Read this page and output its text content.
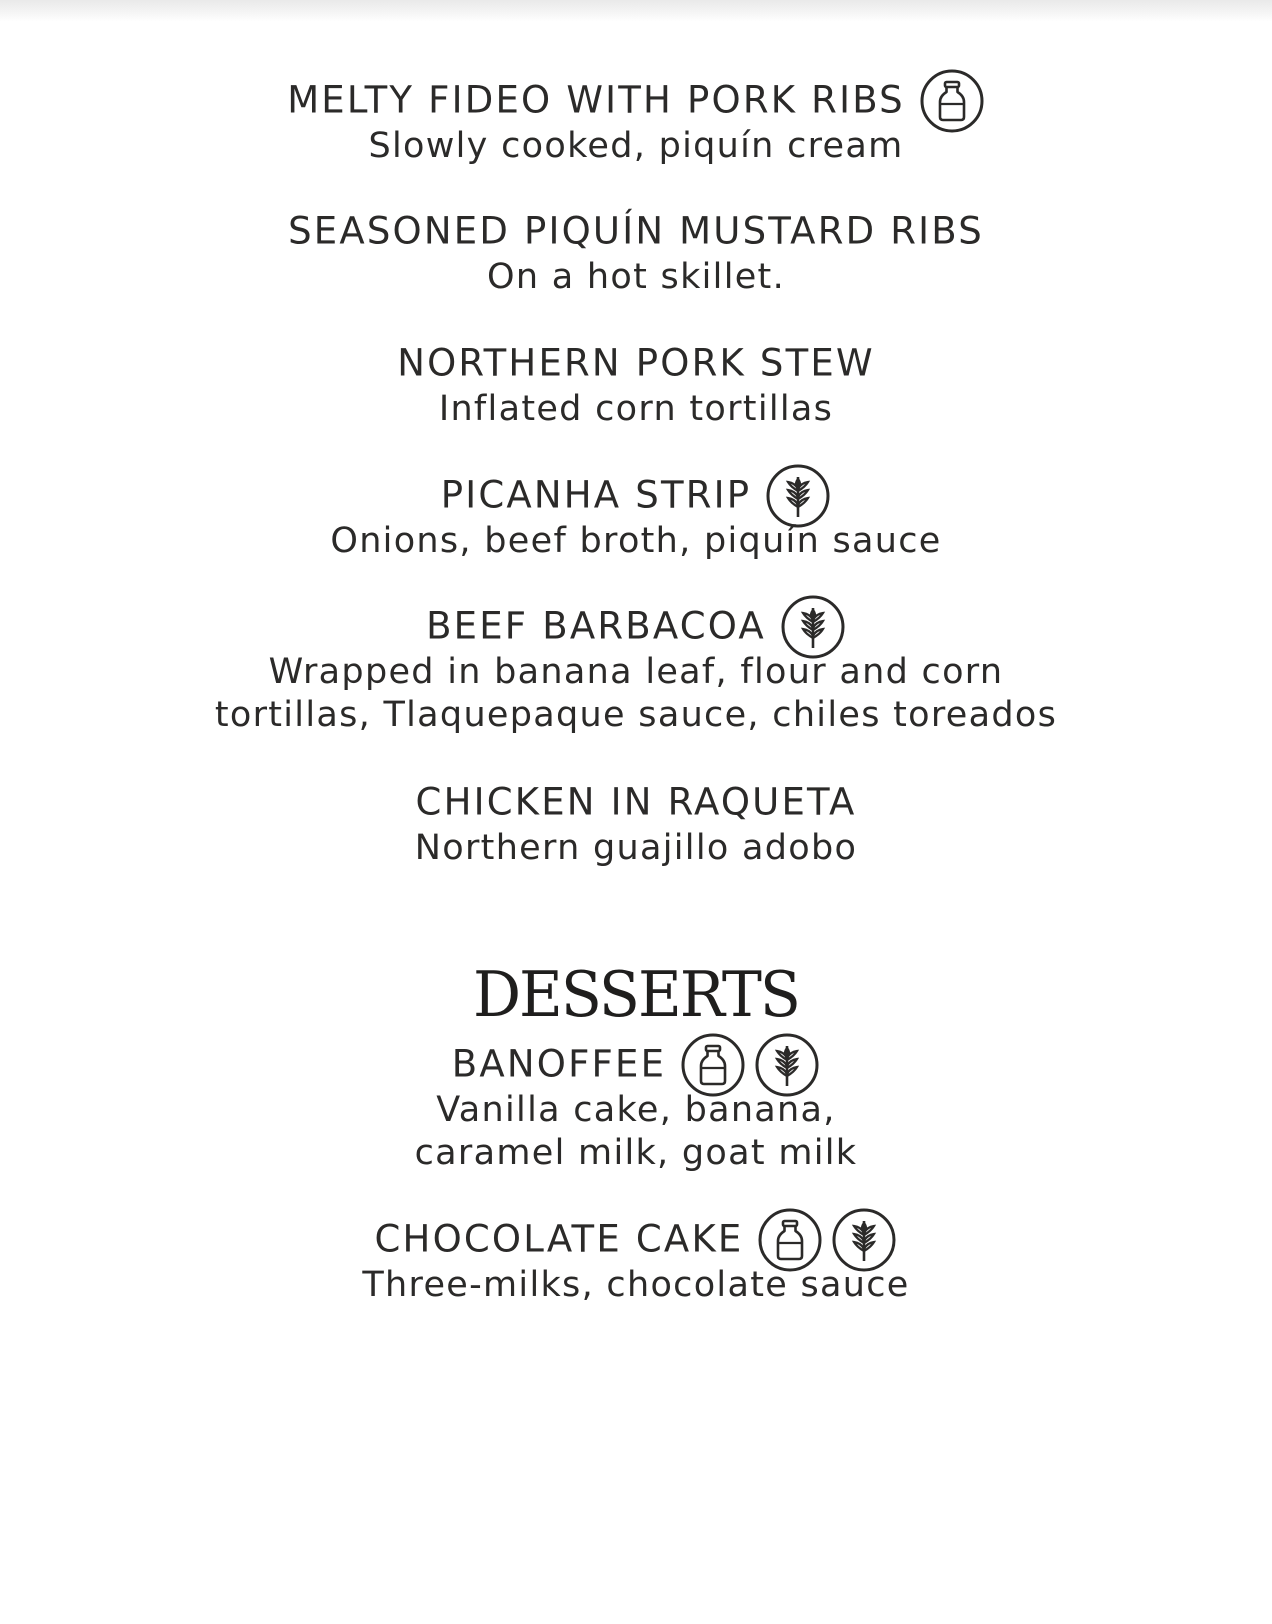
MELTY FIDEO WITH PORK RIBS
Slowly cooked, piquín cream
SEASONED PIQUÍN MUSTARD RIBS
On a hot skillet.
NORTHERN PORK STEW
Inflated corn tortillas
PICANHA STRIP
Onions, beef broth, piquín sauce
BEEF BARBACOA
Wrapped in banana leaf, flour and corn
tortillas, Tlaquepaque sauce, chiles toreados
CHICKEN IN RAQUETA
Northern guajillo adobo
DESSERTS
BANOFFEE
Vanilla cake, banana,
caramel milk, goat milk
CHOCOLATE CAKE
Three-milks, chocolate sauce
